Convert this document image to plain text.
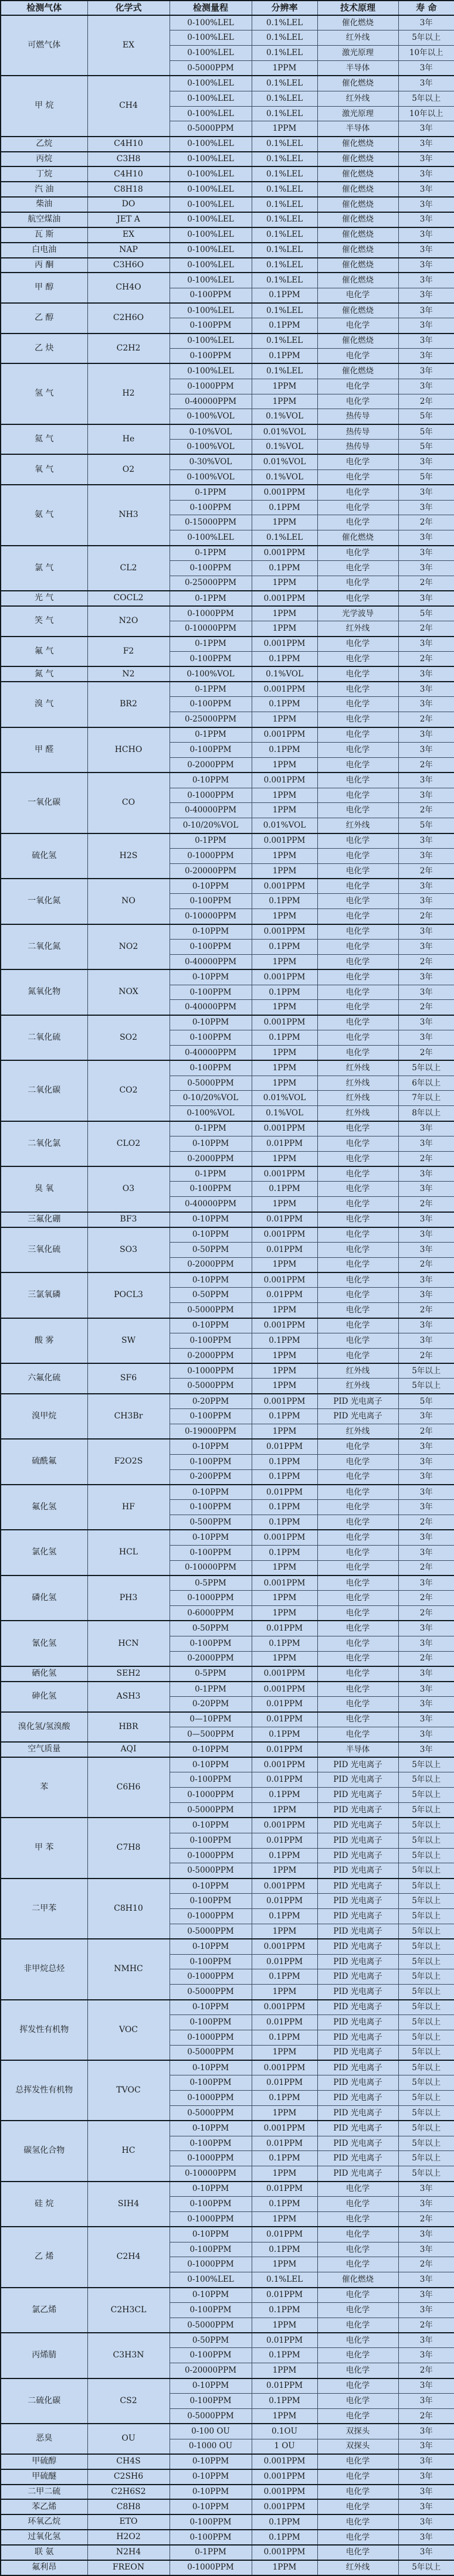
检测气体	化学式	检测量程	分辨率	技术原理	寿 命
可燃气体	EX	0-100%LEL	0.1%LEL	催化燃烧	3年
		0-100%LEL	0.1%LEL	红外线	5年以上
		0-100%LEL	0.1%LEL	激光原理	10年以上
		0-5000PPM	1PPM	半导体	3年
甲 烷	CH4	0-100%LEL	0.1%LEL	催化燃烧	3年
		0-100%LEL	0.1%LEL	红外线	5年以上
		0-100%LEL	0.1%LEL	激光原理	10年以上
		0-5000PPM	1PPM	半导体	3年
乙烷	C4H10	0-100%LEL	0.1%LEL	催化燃烧	3年
丙烷	C3H8	0-100%LEL	0.1%LEL	催化燃烧	3年
丁烷	C4H10	0-100%LEL	0.1%LEL	催化燃烧	3年
汽 油	C8H18	0-100%LEL	0.1%LEL	催化燃烧	3年
柴油	DO	0-100%LEL	0.1%LEL	催化燃烧	3年
航空煤油	JET A	0-100%LEL	0.1%LEL	催化燃烧	3年
瓦 斯	EX	0-100%LEL	0.1%LEL	催化燃烧	3年
白电油	NAP	0-100%LEL	0.1%LEL	催化燃烧	3年
丙 酮	C3H6O	0-100%LEL	0.1%LEL	催化燃烧	3年
甲 醇	CH4O	0-100%LEL	0.1%LEL	催化燃烧	3年
		0-100PPM	0.1PPM	电化学	3年
乙 醇	C2H6O	0-100%LEL	0.1%LEL	催化燃烧	3年
		0-100PPM	0.1PPM	电化学	3年
乙 炔	C2H2	0-100%LEL	0.1%LEL	催化燃烧	3年
		0-100PPM	0.1PPM	电化学	3年
氢 气	H2	0-100%LEL	0.1%LEL	催化燃烧	3年
		0-1000PPM	1PPM	电化学	3年
		0-40000PPM	1PPM	电化学	2年
		0-100%VOL	0.1%VOL	热传导	5年
氦 气	He	0-10%VOL	0.01%VOL	热传导	5年
		0-100%VOL	0.1%VOL	热传导	5年
氧 气	O2	0-30%VOL	0.01%VOL	电化学	3年
		0-100%VOL	0.1%VOL	电化学	5年
氨 气	NH3	0-1PPM	0.001PPM	电化学	3年
		0-100PPM	0.1PPM	电化学	3年
		0-15000PPM	1PPM	电化学	2年
		0-100%LEL	0.1%LEL	催化燃烧	3年
氯 气	CL2	0-1PPM	0.001PPM	电化学	3年
		0-100PPM	0.1PPM	电化学	3年
		0-25000PPM	1PPM	电化学	2年
光 气	COCL2	0-1PPM	0.001PPM	电化学	3年
笑 气	N2O	0-1000PPM	1PPM	光学波导	5年
		0-10000PPM	1PPM	红外线	2年
氟 气	F2	0-1PPM	0.001PPM	电化学	3年
		0-100PPM	0.1PPM	电化学	2年
氮 气	N2	0-100%VOL	0.1%VOL	电化学	3年
溴 气	BR2	0-1PPM	0.001PPM	电化学	3年
		0-100PPM	0.1PPM	电化学	3年
		0-25000PPM	1PPM	电化学	2年
甲 醛	HCHO	0-1PPM	0.001PPM	电化学	3年
		0-100PPM	0.1PPM	电化学	3年
		0-2000PPM	1PPM	电化学	2年
一氧化碳	CO	0-10PPM	0.001PPM	电化学	3年
		0-1000PPM	1PPM	电化学	3年
		0-40000PPM	1PPM	电化学	2年
		0-10/20%VOL	0.01%VOL	红外线	5年
硫化氢	H2S	0-1PPM	0.001PPM	电化学	3年
		0-1000PPM	1PPM	电化学	3年
		0-20000PPM	1PPM	电化学	2年
一氧化氮	NO	0-10PPM	0.001PPM	电化学	3年
		0-100PPM	0.1PPM	电化学	3年
		0-10000PPM	1PPM	电化学	2年
二氧化氮	NO2	0-10PPM	0.001PPM	电化学	3年
		0-100PPM	0.1PPM	电化学	3年
		0-40000PPM	1PPM	电化学	2年
氮氧化物	NOX	0-10PPM	0.001PPM	电化学	3年
		0-100PPM	0.1PPM	电化学	3年
		0-40000PPM	1PPM	电化学	2年
二氧化硫	SO2	0-10PPM	0.001PPM	电化学	3年
		0-100PPM	0.1PPM	电化学	3年
		0-40000PPM	1PPM	电化学	2年
二氧化碳	CO2	0-100PPM	1PPM	红外线	5年以上
		0-5000PPM	1PPM	红外线	6年以上
		0-10/20%VOL	0.01%VOL	红外线	7年以上
		0-100%VOL	0.1%VOL	红外线	8年以上
二氧化氯	CLO2	0-1PPM	0.001PPM	电化学	3年
		0-10PPM	0.01PPM	电化学	3年
		0-2000PPM	1PPM	电化学	2年
臭 氧	O3	0-1PPM	0.001PPM	电化学	3年
		0-100PPM	0.1PPM	电化学	3年
		0-40000PPM	1PPM	电化学	2年
三氟化硼	BF3	0-10PPM	0.01PPM	电化学	3年
三氧化硫	SO3	0-10PPM	0.001PPM	电化学	3年
		0-50PPM	0.01PPM	电化学	3年
		0-2000PPM	1PPM	电化学	2年
三氯氧磷	POCL3	0-10PPM	0.001PPM	电化学	3年
		0-50PPM	0.01PPM	电化学	3年
		0-5000PPM	1PPM	电化学	2年
酸 雾	SW	0-10PPM	0.001PPM	电化学	3年
		0-100PPM	0.1PPM	电化学	3年
		0-2000PPM	1PPM	电化学	2年
六氟化硫	SF6	0-1000PPM	1PPM	红外线	5年以上
		0-5000PPM	1PPM	红外线	5年以上
溴甲烷	CH3Br	0-20PPM	0.001PPM	PID 光电离子	5年
		0-100PPM	0.1PPM	PID 光电离子	3年
		0-19000PPM	1PPM	红外线	2年
硫酰氟	F2O2S	0-10PPM	0.01PPM	电化学	3年
		0-100PPM	0.1PPM	电化学	3年
		0-200PPM	0.1PPM	电化学	3年
氟化氢	HF	0-10PPM	0.01PPM	电化学	3年
		0-100PPM	0.1PPM	电化学	3年
		0-500PPM	0.1PPM	电化学	2年
氯化氢	HCL	0-10PPM	0.001PPM	电化学	3年
		0-100PPM	0.1PPM	电化学	3年
		0-10000PPM	1PPM	电化学	2年
磷化氢	PH3	0-5PPM	0.001PPM	电化学	3年
		0-1000PPM	1PPM	电化学	2年
		0-6000PPM	1PPM	电化学	2年
氰化氢	HCN	0-50PPM	0.01PPM	电化学	3年
		0-100PPM	0.1PPM	电化学	3年
		0-2000PPM	1PPM	电化学	2年
硒化氢	SEH2	0-5PPM	0.001PPM	电化学	3年
砷化氢	ASH3	0-1PPM	0.001PPM	电化学	3年
		0-20PPM	0.01PPM	电化学	3年
溴化氢/氢溴酸	HBR	0—10PPM	0.01PPM	电化学	3年
		0—500PPM	0.1PPM	电化学	3年
空气质量	AQI	0-10PPM	0.01PPM	半导体	3年
苯	C6H6	0-10PPM	0.001PPM	PID 光电离子	5年以上
		0-100PPM	0.01PPM	PID 光电离子	5年以上
		0-1000PPM	0.1PPM	PID 光电离子	5年以上
		0-5000PPM	1PPM	PID 光电离子	5年以上
甲 苯	C7H8	0-10PPM	0.001PPM	PID 光电离子	5年以上
		0-100PPM	0.01PPM	PID 光电离子	5年以上
		0-1000PPM	0.1PPM	PID 光电离子	5年以上
		0-5000PPM	1PPM	PID 光电离子	5年以上
二甲苯	C8H10	0-10PPM	0.001PPM	PID 光电离子	5年以上
		0-100PPM	0.01PPM	PID 光电离子	5年以上
		0-1000PPM	0.1PPM	PID 光电离子	5年以上
		0-5000PPM	1PPM	PID 光电离子	5年以上
非甲烷总烃	NMHC	0-10PPM	0.001PPM	PID 光电离子	5年以上
		0-100PPM	0.01PPM	PID 光电离子	5年以上
		0-1000PPM	0.1PPM	PID 光电离子	5年以上
		0-5000PPM	1PPM	PID 光电离子	5年以上
挥发性有机物	VOC	0-10PPM	0.001PPM	PID 光电离子	5年以上
		0-100PPM	0.01PPM	PID 光电离子	5年以上
		0-1000PPM	0.1PPM	PID 光电离子	5年以上
		0-5000PPM	1PPM	PID 光电离子	5年以上
总挥发性有机物	TVOC	0-10PPM	0.001PPM	PID 光电离子	5年以上
		0-100PPM	0.01PPM	PID 光电离子	5年以上
		0-1000PPM	0.1PPM	PID 光电离子	5年以上
		0-5000PPM	1PPM	PID 光电离子	5年以上
碳氢化合物	HC	0-10PPM	0.001PPM	PID 光电离子	5年以上
		0-100PPM	0.01PPM	PID 光电离子	5年以上
		0-1000PPM	0.1PPM	PID 光电离子	5年以上
		0-10000PPM	1PPM	PID 光电离子	5年以上
硅 烷	SIH4	0-10PPM	0.01PPM	电化学	3年
		0-100PPM	0.1PPM	电化学	3年
		0-1000PPM	1PPM	电化学	2年
乙 烯	C2H4	0-10PPM	0.01PPM	电化学	3年
		0-100PPM	0.1PPM	电化学	3年
		0-1000PPM	1PPM	电化学	2年
		0-100%LEL	0.1%LEL	催化燃烧	3年
氯乙烯	C2H3CL	0-10PPM	0.01PPM	电化学	3年
		0-100PPM	0.1PPM	电化学	3年
		0-5000PPM	1PPM	电化学	2年
丙烯腈	C3H3N	0-50PPM	0.01PPM	电化学	3年
		0-100PPM	0.1PPM	电化学	3年
		0-20000PPM	1PPM	电化学	2年
二硫化碳	CS2	0-10PPM	0.01PPM	电化学	3年
		0-100PPM	0.1PPM	电化学	3年
		0-5000PPM	1PPM	电化学	2年
恶臭	OU	0-100 OU	0.1OU	双探头	3年
		0-1000 OU	1 OU	双探头	3年
甲硫醇	CH4S	0-10PPM	0.001PPM	电化学	3年
甲硫醚	C2SH6	0-10PPM	0.001PPM	电化学	3年
二甲二硫	C2H6S2	0-10PPM	0.001PPM	电化学	3年
苯乙烯	C8H8	0-10PPM	0.001PPM	电化学	3年
环氧乙烷	ETO	0-100PPM	0.1PPM	电化学	3年
过氧化氢	H2O2	0-100PPM	0.1PPM	电化学	3年
联 氨	N2H4	0-1PPM	0.001PPM	电化学	3年
氟利昂	FREON	0-1000PPM	1PPM	红外线	5年以上
